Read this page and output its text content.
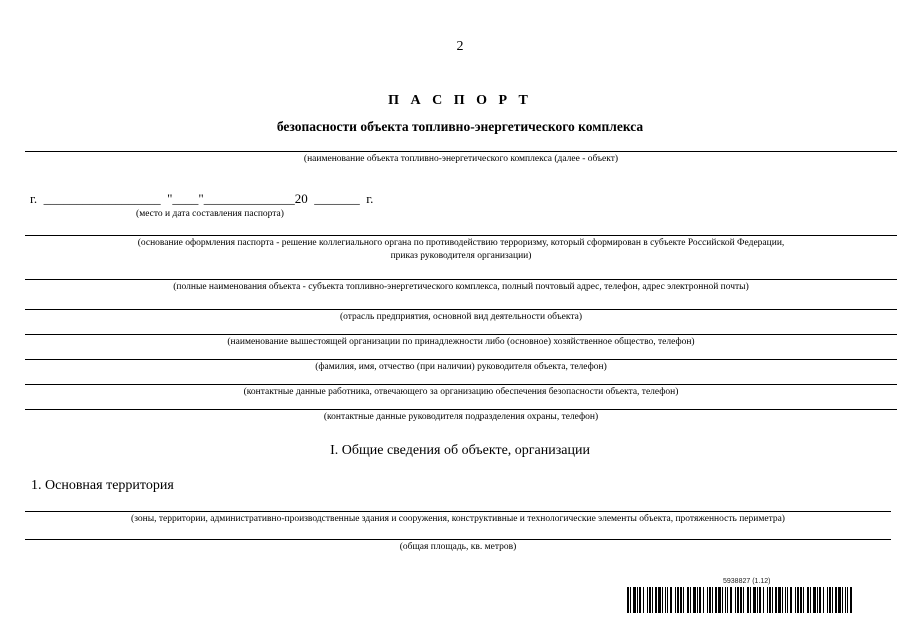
2
П А С П О Р Т
безопасности объекта топливно-энергетического комплекса
(наименование объекта топливно-энергетического комплекса (далее - объект)
г.  __________________  "____"______________20  _______  г.
(место и дата составления паспорта)
(основание оформления паспорта - решение коллегиального органа по противодействию терроризму, который сформирован в субъекте Российской Федерации,
приказ руководителя организации)
(полные наименования объекта - субъекта топливно-энергетического комплекса, полный почтовый адрес, телефон, адрес электронной почты)
(отрасль предприятия, основной вид деятельности объекта)
(наименование вышестоящей организации по принадлежности либо (основное) хозяйственное общество, телефон)
(фамилия, имя, отчество (при наличии) руководителя объекта, телефон)
(контактные данные работника, отвечающего за организацию обеспечения безопасности объекта, телефон)
(контактные данные руководителя подразделения охраны, телефон)
I. Общие сведения об объекте, организации
1. Основная территория
(зоны, территории, административно-производственные здания и сооружения, конструктивные и технологические элементы объекта, протяженность периметра)
(общая площадь, кв. метров)
5938827 (1.12)
